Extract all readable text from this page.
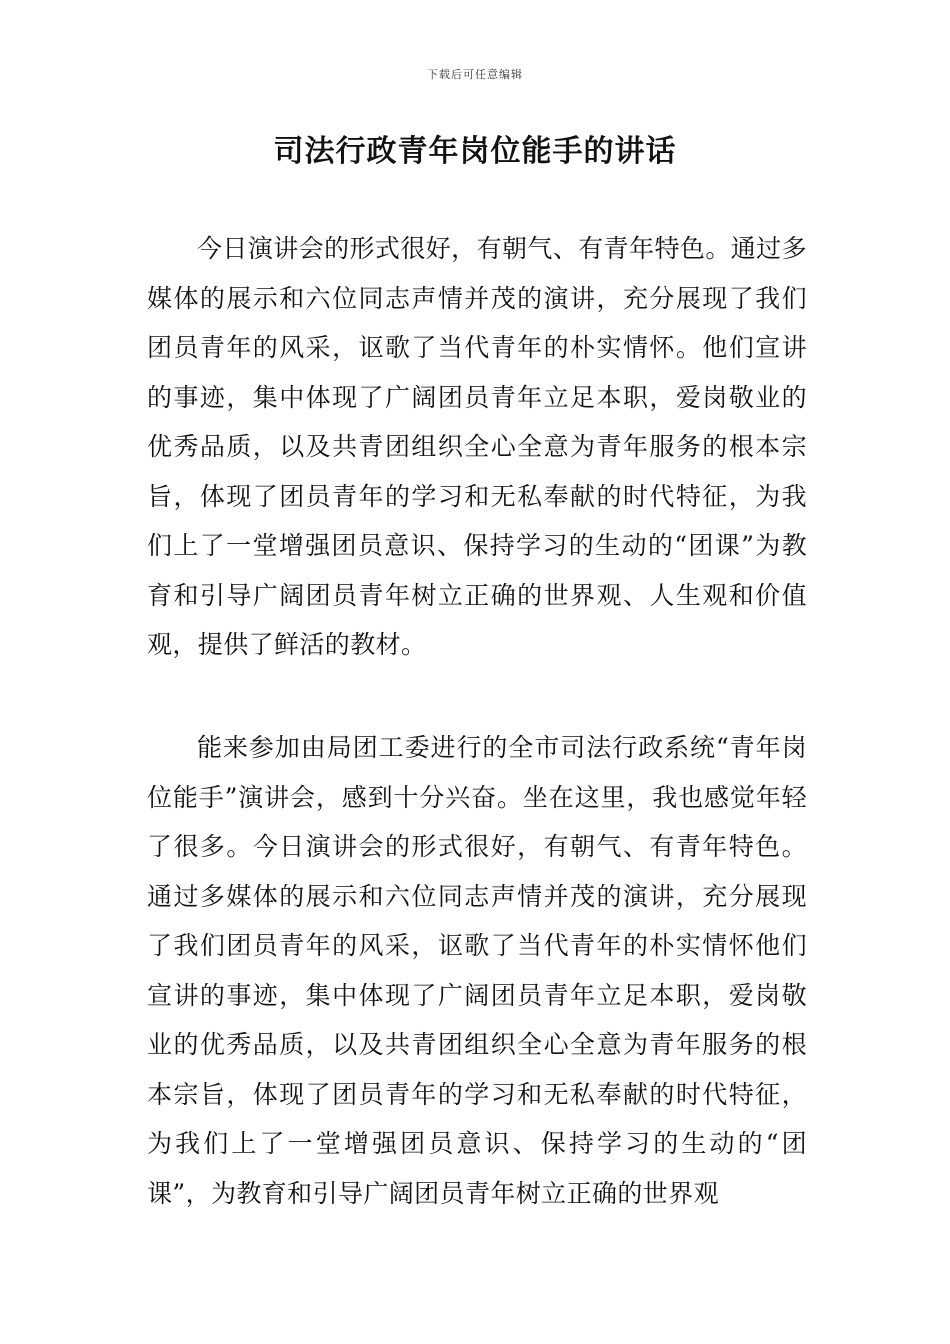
下载后可任意编辑
司法行政青年岗位能手的讲话

今日演讲会的形式很好，有朝气、有青年特色。通过多媒体的展示和六位同志声情并茂的演讲，充分展现了我们团员青年的风采，讴歌了当代青年的朴实情怀。他们宣讲的事迹，集中体现了广阔团员青年立足本职，爱岗敬业的优秀品质，以及共青团组织全心全意为青年服务的根本宗旨，体现了团员青年的学习和无私奉献的时代特征，为我们上了一堂增强团员意识、保持学习的生动的“团课”为教育和引导广阔团员青年树立正确的世界观、人生观和价值观，提供了鲜活的教材。

能来参加由局团工委进行的全市司法行政系统“青年岗位能手”演讲会，感到十分兴奋。坐在这里，我也感觉年轻了很多。今日演讲会的形式很好，有朝气、有青年特色。通过多媒体的展示和六位同志声情并茂的演讲，充分展现了我们团员青年的风采，讴歌了当代青年的朴实情怀他们宣讲的事迹，集中体现了广阔团员青年立足本职，爱岗敬业的优秀品质，以及共青团组织全心全意为青年服务的根本宗旨，体现了团员青年的学习和无私奉献的时代特征，为我们上了一堂增强团员意识、保持学习的生动的“团课”，为教育和引导广阔团员青年树立正确的世界观
